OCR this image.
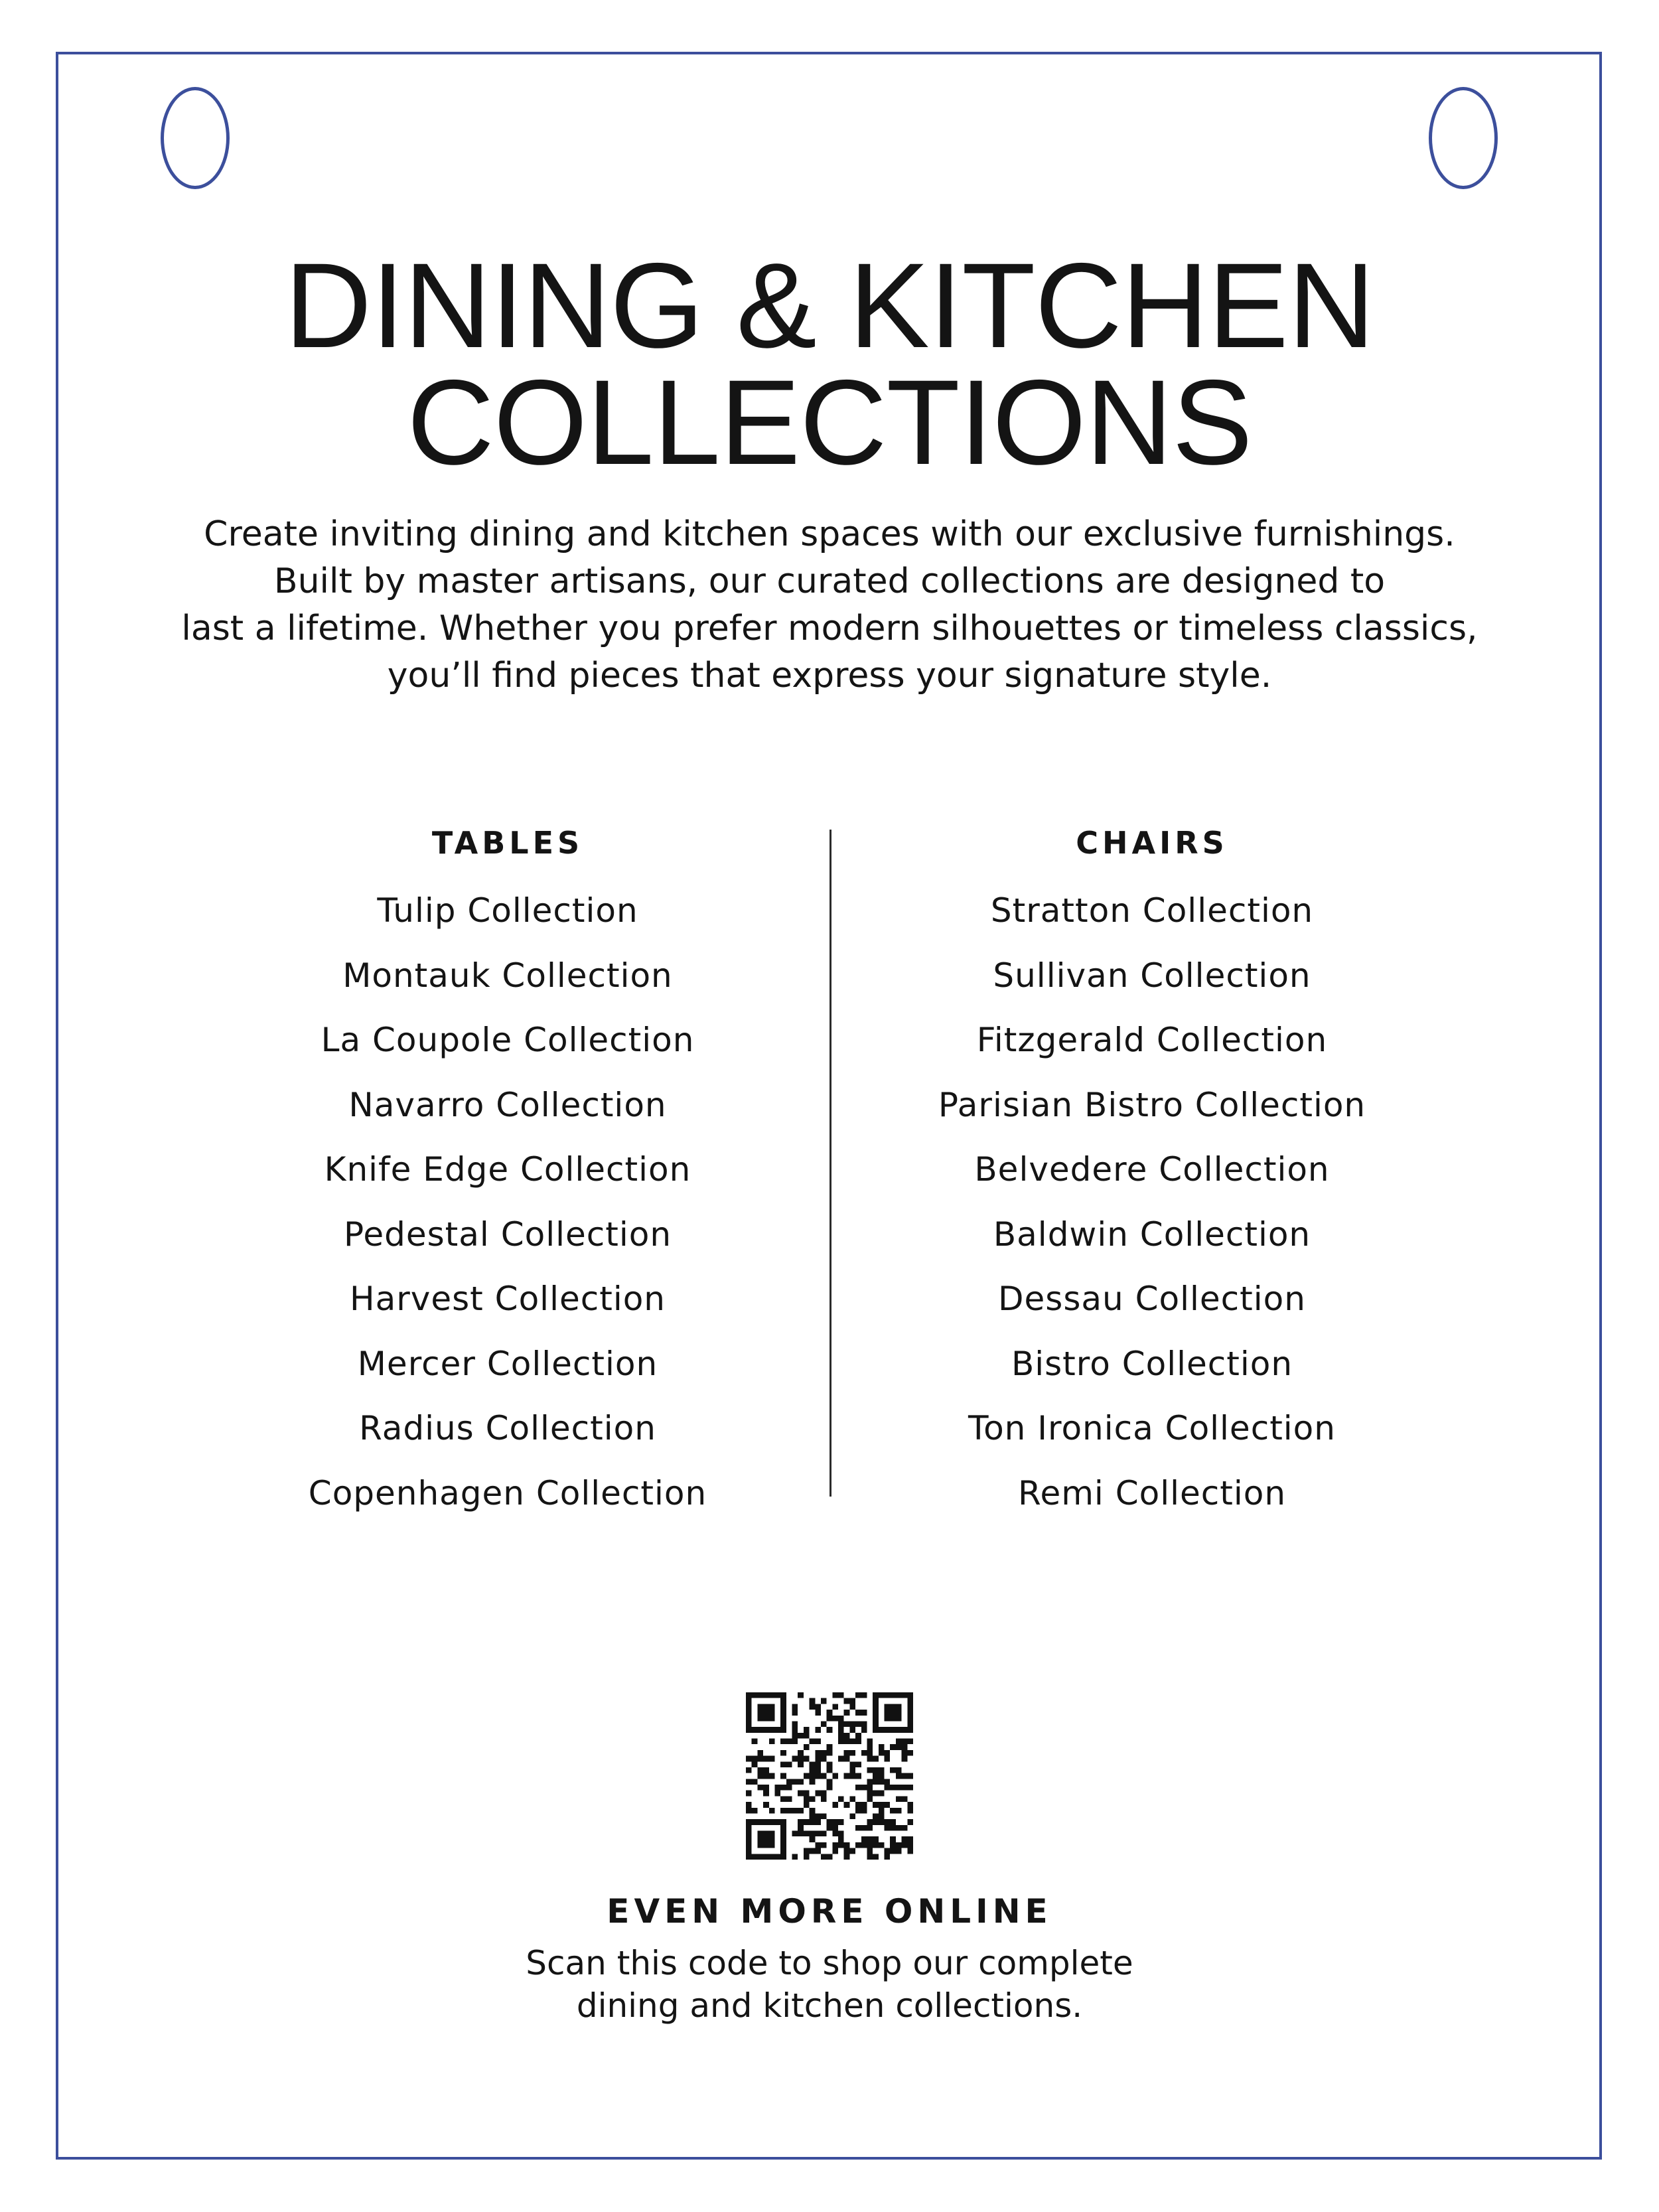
DINING & KITCHEN
COLLECTIONS

Create inviting dining and kitchen spaces with our exclusive furnishings.
Built by master artisans, our curated collections are designed to
last a lifetime. Whether you prefer modern silhouettes or timeless classics,
you’ll find pieces that express your signature style.

TABLES
Tulip Collection
Montauk Collection
La Coupole Collection
Navarro Collection
Knife Edge Collection
Pedestal Collection
Harvest Collection
Mercer Collection
Radius Collection
Copenhagen Collection
CHAIRS
Stratton Collection
Sullivan Collection
Fitzgerald Collection
Parisian Bistro Collection
Belvedere Collection
Baldwin Collection
Dessau Collection
Bistro Collection
Ton Ironica Collection
Remi Collection
EVEN MORE ONLINE

Scan this code to shop our complete
dining and kitchen collections.
